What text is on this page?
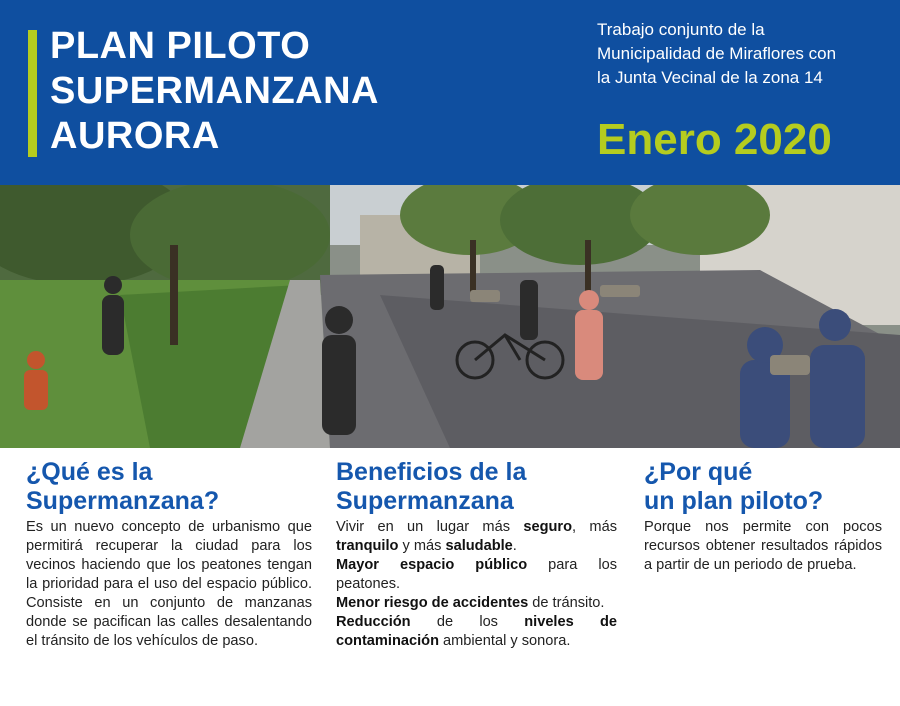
PLAN PILOTO
SUPERMANZANA
AURORA
Trabajo conjunto de la
Municipalidad de Miraflores con
la Junta Vecinal de la zona 14
Enero 2020
¿Qué es la
Supermanzana?
Es un nuevo concepto de urbanismo que permitirá recuperar la ciudad para los vecinos haciendo que los peatones tengan la prioridad para el uso del espacio público. Consiste en un conjunto de manzanas donde se pacifican las calles desalentando el tránsito de los vehículos de paso.
Beneficios de la
Supermanzana
Vivir en un lugar más seguro, más tranquilo y más saludable.
Mayor espacio público para los peatones.
Menor riesgo de accidentes de tránsito.
Reducción de los niveles de contaminación ambiental y sonora.
¿Por qué
un plan piloto?
Porque nos permite con pocos recursos obtener resultados rápidos a partir de un periodo de prueba.
